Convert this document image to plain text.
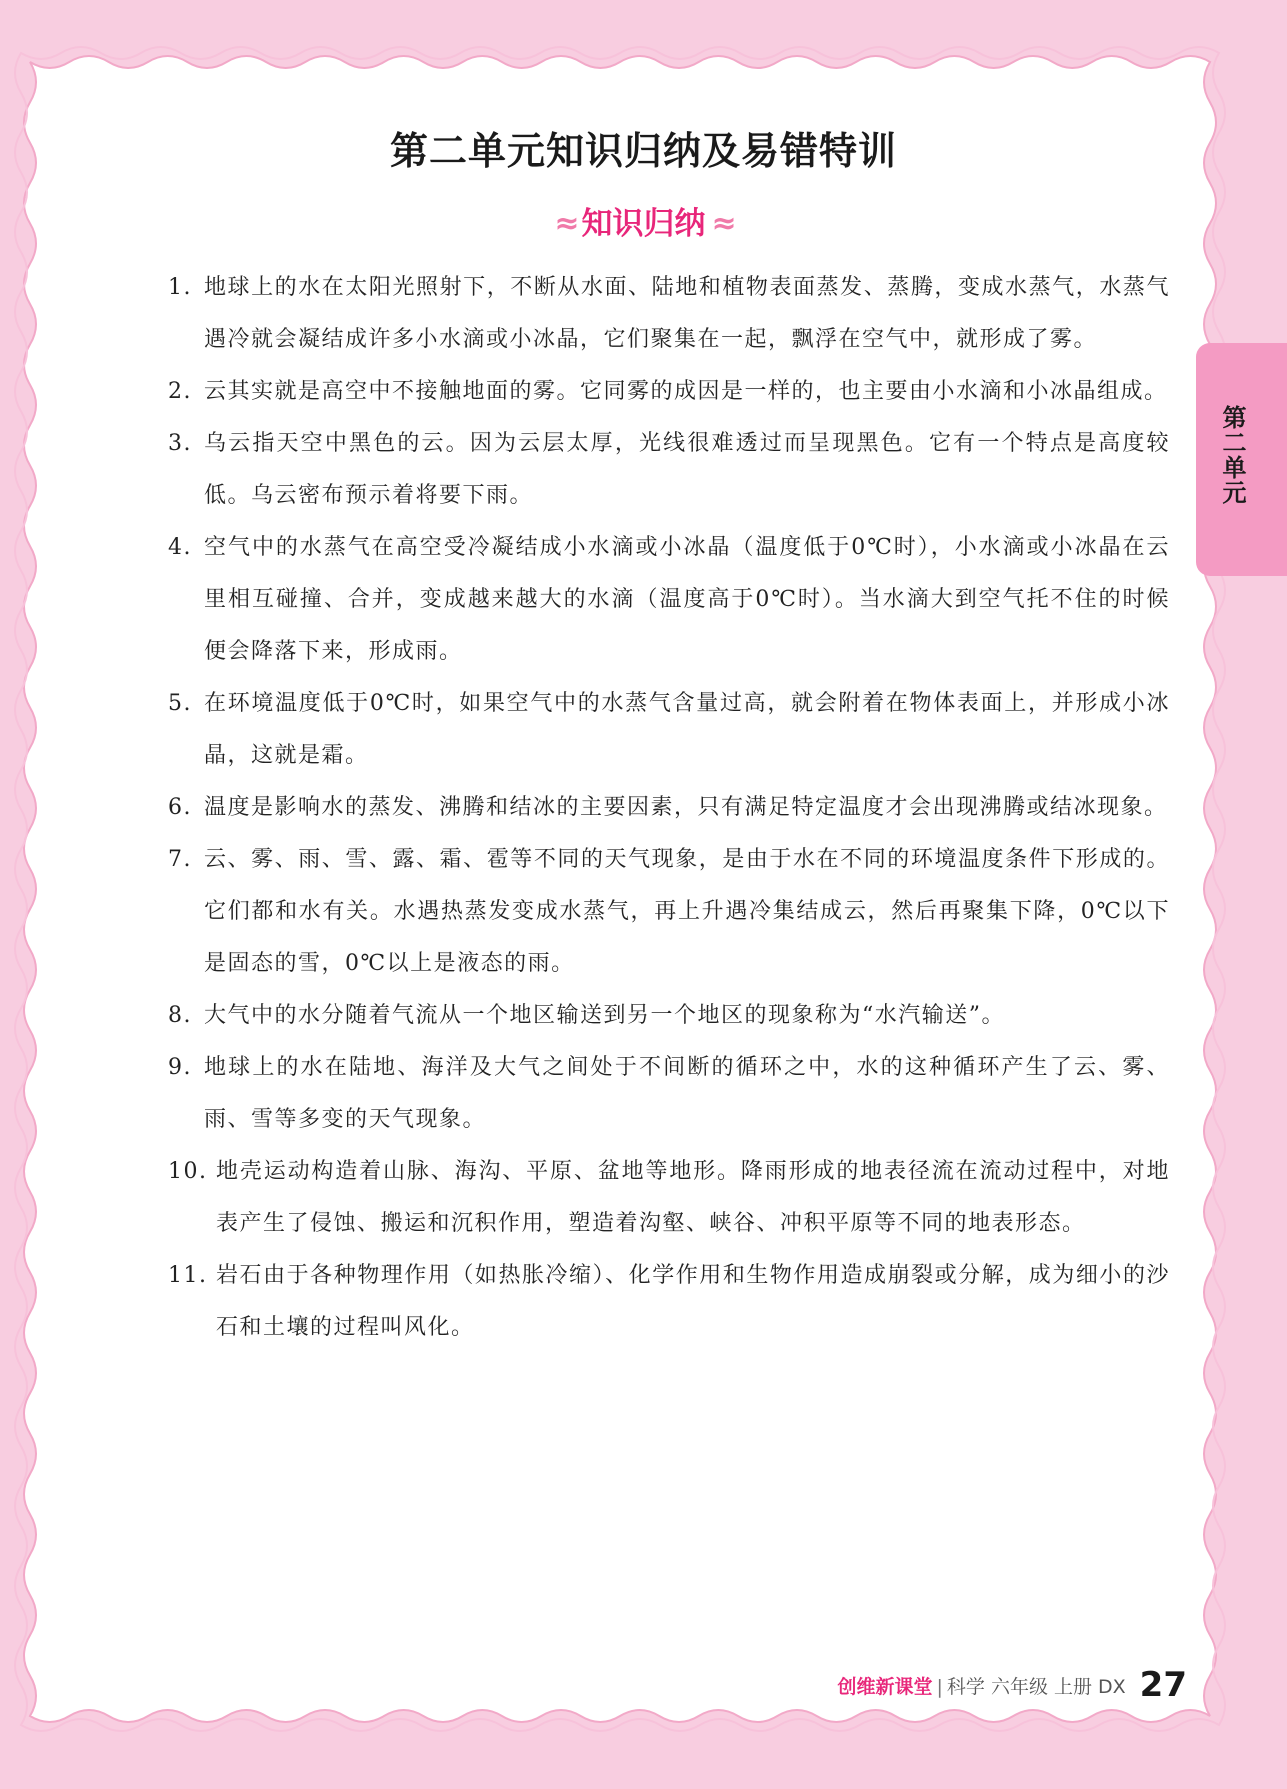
第二单元知识归纳及易错特训
≈ 知识归纳 ≈
1. 地球上的水在太阳光照射下，不断从水面、陆地和植物表面蒸发、蒸腾，变成水蒸气，水蒸气遇冷就会凝结成许多小水滴或小冰晶，它们聚集在一起，飘浮在空气中，就形成了雾。
2. 云其实就是高空中不接触地面的雾。它同雾的成因是一样的，也主要由小水滴和小冰晶组成。
3. 乌云指天空中黑色的云。因为云层太厚，光线很难透过而呈现黑色。它有一个特点是高度较低。乌云密布预示着将要下雨。
4. 空气中的水蒸气在高空受冷凝结成小水滴或小冰晶（温度低于0℃时），小水滴或小冰晶在云里相互碰撞、合并，变成越来越大的水滴（温度高于0℃时）。当水滴大到空气托不住的时候便会降落下来，形成雨。
5. 在环境温度低于0℃时，如果空气中的水蒸气含量过高，就会附着在物体表面上，并形成小冰晶，这就是霜。
6. 温度是影响水的蒸发、沸腾和结冰的主要因素，只有满足特定温度才会出现沸腾或结冰现象。
7. 云、雾、雨、雪、露、霜、雹等不同的天气现象，是由于水在不同的环境温度条件下形成的。它们都和水有关。水遇热蒸发变成水蒸气，再上升遇冷集结成云，然后再聚集下降，0℃以下是固态的雪，0℃以上是液态的雨。
8. 大气中的水分随着气流从一个地区输送到另一个地区的现象称为“水汽输送”。
9. 地球上的水在陆地、海洋及大气之间处于不间断的循环之中，水的这种循环产生了云、雾、雨、雪等多变的天气现象。
10. 地壳运动构造着山脉、海沟、平原、盆地等地形。降雨形成的地表径流在流动过程中，对地表产生了侵蚀、搬运和沉积作用，塑造着沟壑、峡谷、冲积平原等不同的地表形态。
11. 岩石由于各种物理作用（如热胀冷缩）、化学作用和生物作用造成崩裂或分解，成为细小的沙石和土壤的过程叫风化。
第二单元
创维新课堂 | 科学 六年级 上册 DX 27
